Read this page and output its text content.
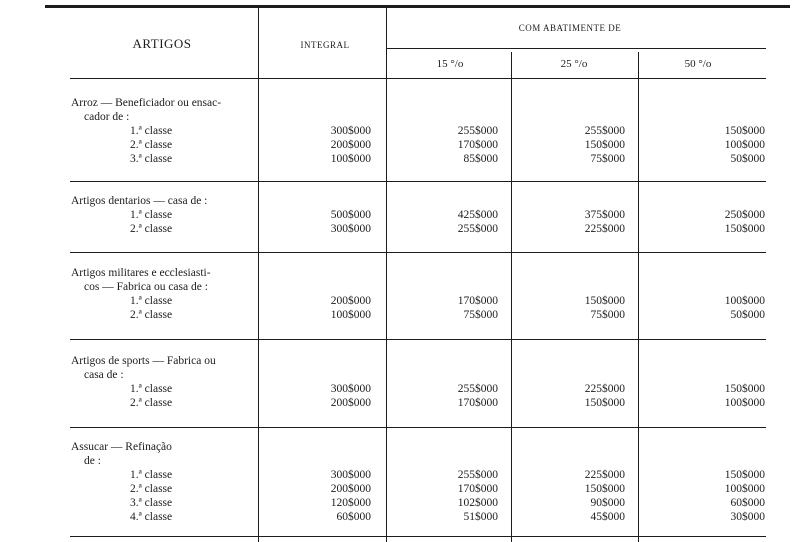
ARTIGOS	INTEGRAL
COM ABATIMENTE DE
15 °/o	25 °/o	50 °/o
Arroz — Beneficiador ou ensac-
cador de :
1.ª classe	300$000	255$000	255$000	150$000
2.ª classe	200$000	170$000	150$000	100$000
3.ª classe	100$000	85$000	75$000	50$000
Artigos dentarios — casa de :
1.ª classe	500$000	425$000	375$000	250$000
2.ª classe	300$000	255$000	225$000	150$000
Artigos militares e ecclesiasti-
cos — Fabrica ou casa de :
1.ª classe	200$000	170$000	150$000	100$000
2.ª classe	100$000	75$000	75$000	50$000
Artigos de sports — Fabrica ou
casa de :
1.ª classe	300$000	255$000	225$000	150$000
2.ª classe	200$000	170$000	150$000	100$000
Assucar — Refinação
de :
1.ª classe	300$000	255$000	225$000	150$000
2.ª classe	200$000	170$000	150$000	100$000
3.ª classe	120$000	102$000	90$000	60$000
4.ª classe	60$000	51$000	45$000	30$000
